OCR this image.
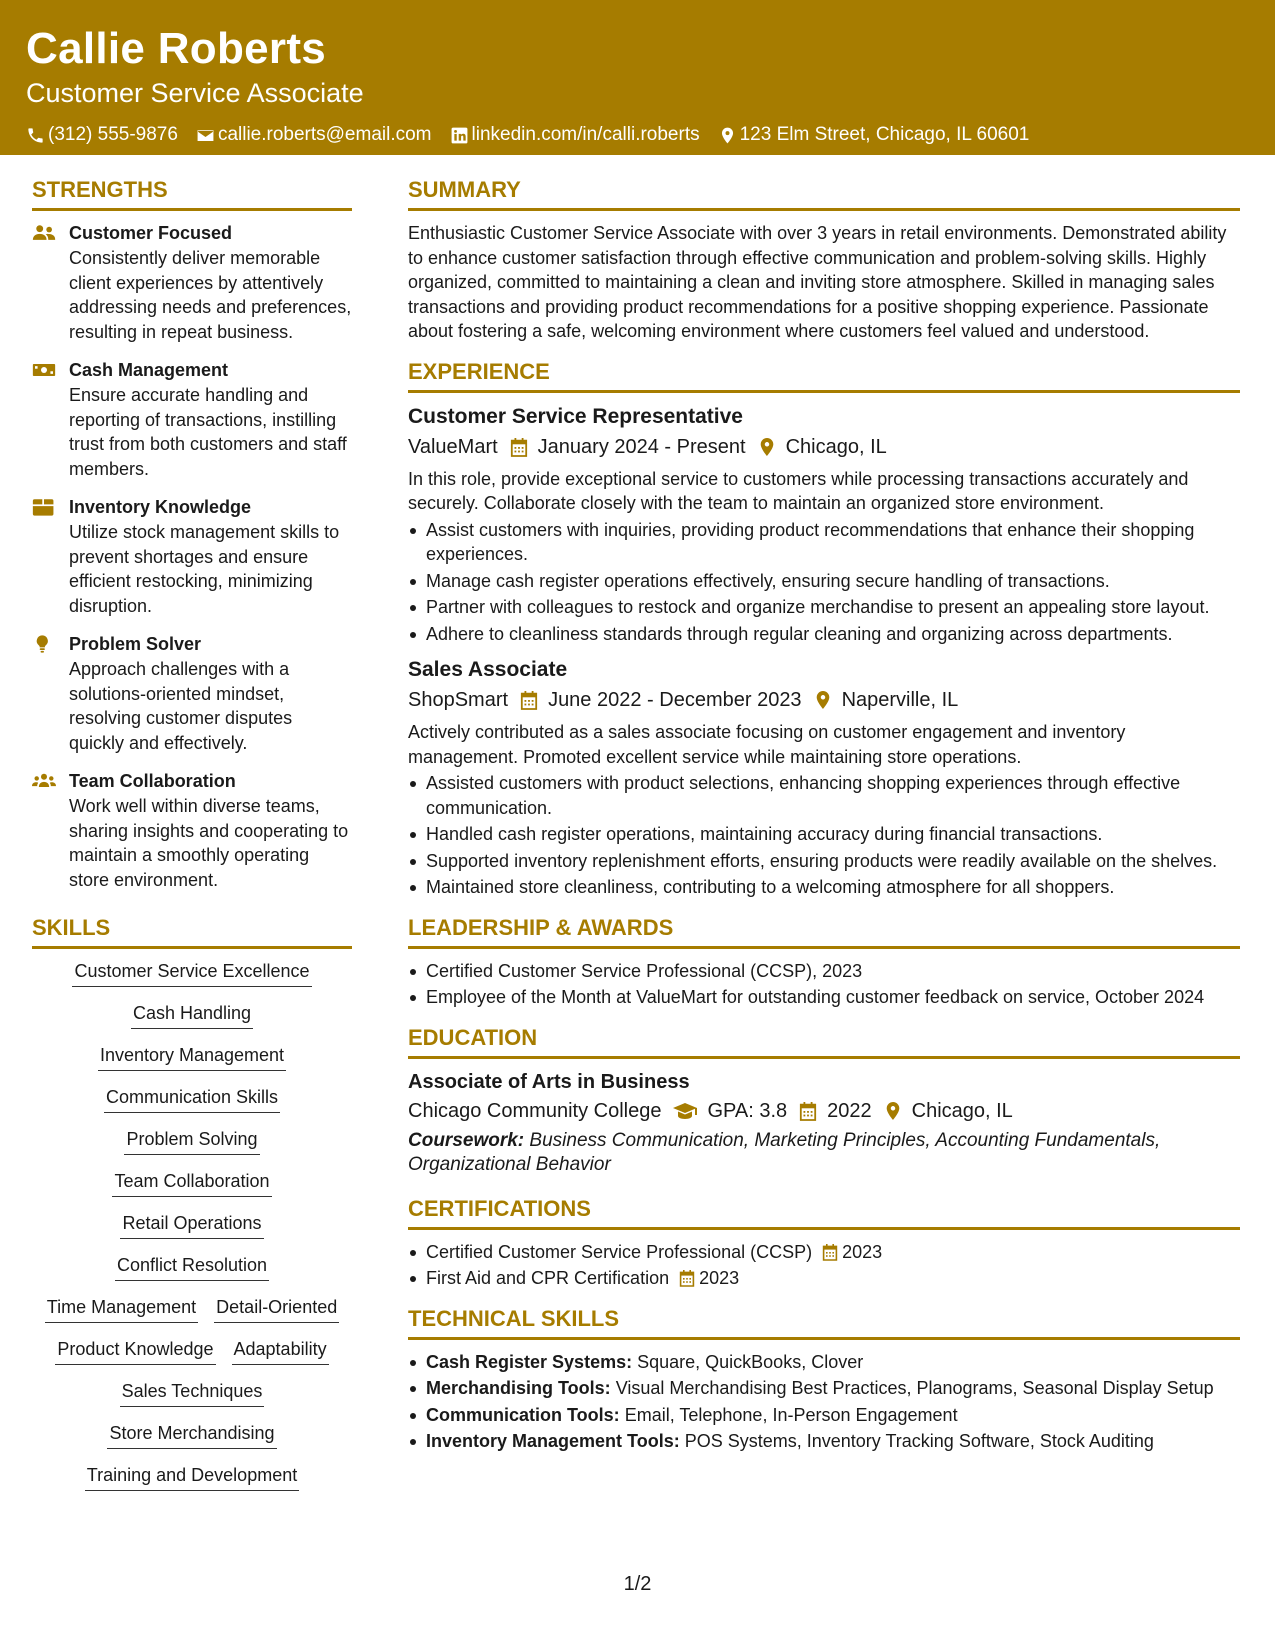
Callie Roberts
Customer Service Associate
(312) 555-9876 callie.roberts@email.com linkedin.com/in/calli.roberts 123 Elm Street, Chicago, IL 60601
STRENGTHS
Customer Focused
Consistently deliver memorable client experiences by attentively addressing needs and preferences, resulting in repeat business.
Cash Management
Ensure accurate handling and reporting of transactions, instilling trust from both customers and staff members.
Inventory Knowledge
Utilize stock management skills to prevent shortages and ensure efficient restocking, minimizing disruption.
Problem Solver
Approach challenges with a solutions-oriented mindset, resolving customer disputes quickly and effectively.
Team Collaboration
Work well within diverse teams, sharing insights and cooperating to maintain a smoothly operating store environment.
SKILLS
Customer Service Excellence
Cash Handling
Inventory Management
Communication Skills
Problem Solving
Team Collaboration
Retail Operations
Conflict Resolution
Time Management Detail-Oriented
Product Knowledge Adaptability
Sales Techniques
Store Merchandising
Training and Development
SUMMARY
Enthusiastic Customer Service Associate with over 3 years in retail environments. Demonstrated ability to enhance customer satisfaction through effective communication and problem-solving skills. Highly organized, committed to maintaining a clean and inviting store atmosphere. Skilled in managing sales transactions and providing product recommendations for a positive shopping experience. Passionate about fostering a safe, welcoming environment where customers feel valued and understood.
EXPERIENCE
Customer Service Representative
ValueMart January 2024 - Present Chicago, IL
In this role, provide exceptional service to customers while processing transactions accurately and securely. Collaborate closely with the team to maintain an organized store environment.
Assist customers with inquiries, providing product recommendations that enhance their shopping experiences.
Manage cash register operations effectively, ensuring secure handling of transactions.
Partner with colleagues to restock and organize merchandise to present an appealing store layout.
Adhere to cleanliness standards through regular cleaning and organizing across departments.
Sales Associate
ShopSmart June 2022 - December 2023 Naperville, IL
Actively contributed as a sales associate focusing on customer engagement and inventory management. Promoted excellent service while maintaining store operations.
Assisted customers with product selections, enhancing shopping experiences through effective communication.
Handled cash register operations, maintaining accuracy during financial transactions.
Supported inventory replenishment efforts, ensuring products were readily available on the shelves.
Maintained store cleanliness, contributing to a welcoming atmosphere for all shoppers.
LEADERSHIP & AWARDS
Certified Customer Service Professional (CCSP), 2023
Employee of the Month at ValueMart for outstanding customer feedback on service, October 2024
EDUCATION
Associate of Arts in Business
Chicago Community College GPA: 3.8 2022 Chicago, IL
Coursework: Business Communication, Marketing Principles, Accounting Fundamentals, Organizational Behavior
CERTIFICATIONS
Certified Customer Service Professional (CCSP) 2023
First Aid and CPR Certification 2023
TECHNICAL SKILLS
Cash Register Systems: Square, QuickBooks, Clover
Merchandising Tools: Visual Merchandising Best Practices, Planograms, Seasonal Display Setup
Communication Tools: Email, Telephone, In-Person Engagement
Inventory Management Tools: POS Systems, Inventory Tracking Software, Stock Auditing
1/2
